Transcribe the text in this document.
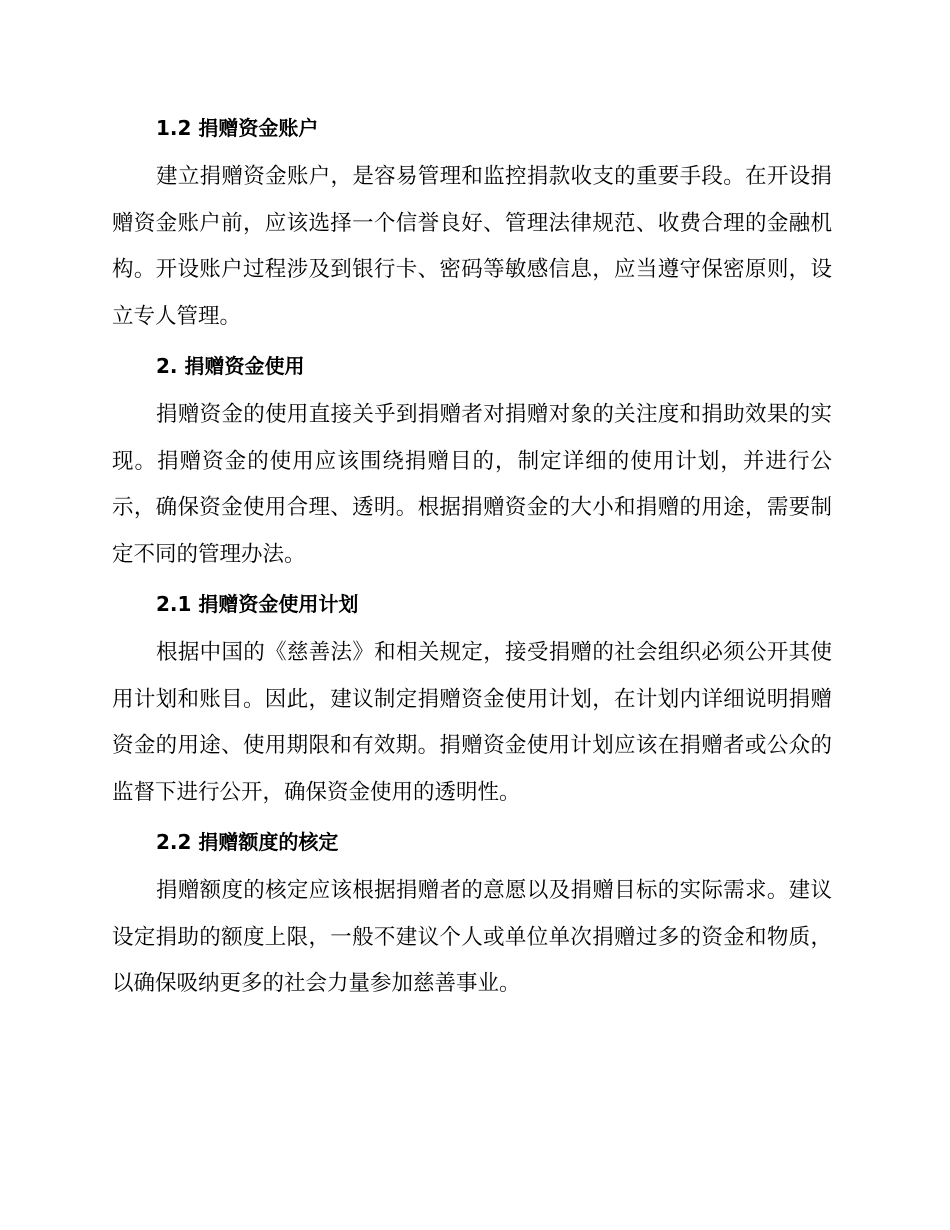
1.2 捐赠资金账户

建立捐赠资金账户，是容易管理和监控捐款收支的重要手段。在开设捐赠资金账户前，应该选择一个信誉良好、管理法律规范、收费合理的金融机构。开设账户过程涉及到银行卡、密码等敏感信息，应当遵守保密原则，设立专人管理。

2. 捐赠资金使用

捐赠资金的使用直接关乎到捐赠者对捐赠对象的关注度和捐助效果的实现。捐赠资金的使用应该围绕捐赠目的，制定详细的使用计划，并进行公示，确保资金使用合理、透明。根据捐赠资金的大小和捐赠的用途，需要制定不同的管理办法。

2.1 捐赠资金使用计划

根据中国的《慈善法》和相关规定，接受捐赠的社会组织必须公开其使用计划和账目。因此，建议制定捐赠资金使用计划，在计划内详细说明捐赠资金的用途、使用期限和有效期。捐赠资金使用计划应该在捐赠者或公众的监督下进行公开，确保资金使用的透明性。

2.2 捐赠额度的核定

捐赠额度的核定应该根据捐赠者的意愿以及捐赠目标的实际需求。建议设定捐助的额度上限，一般不建议个人或单位单次捐赠过多的资金和物质，以确保吸纳更多的社会力量参加慈善事业。
